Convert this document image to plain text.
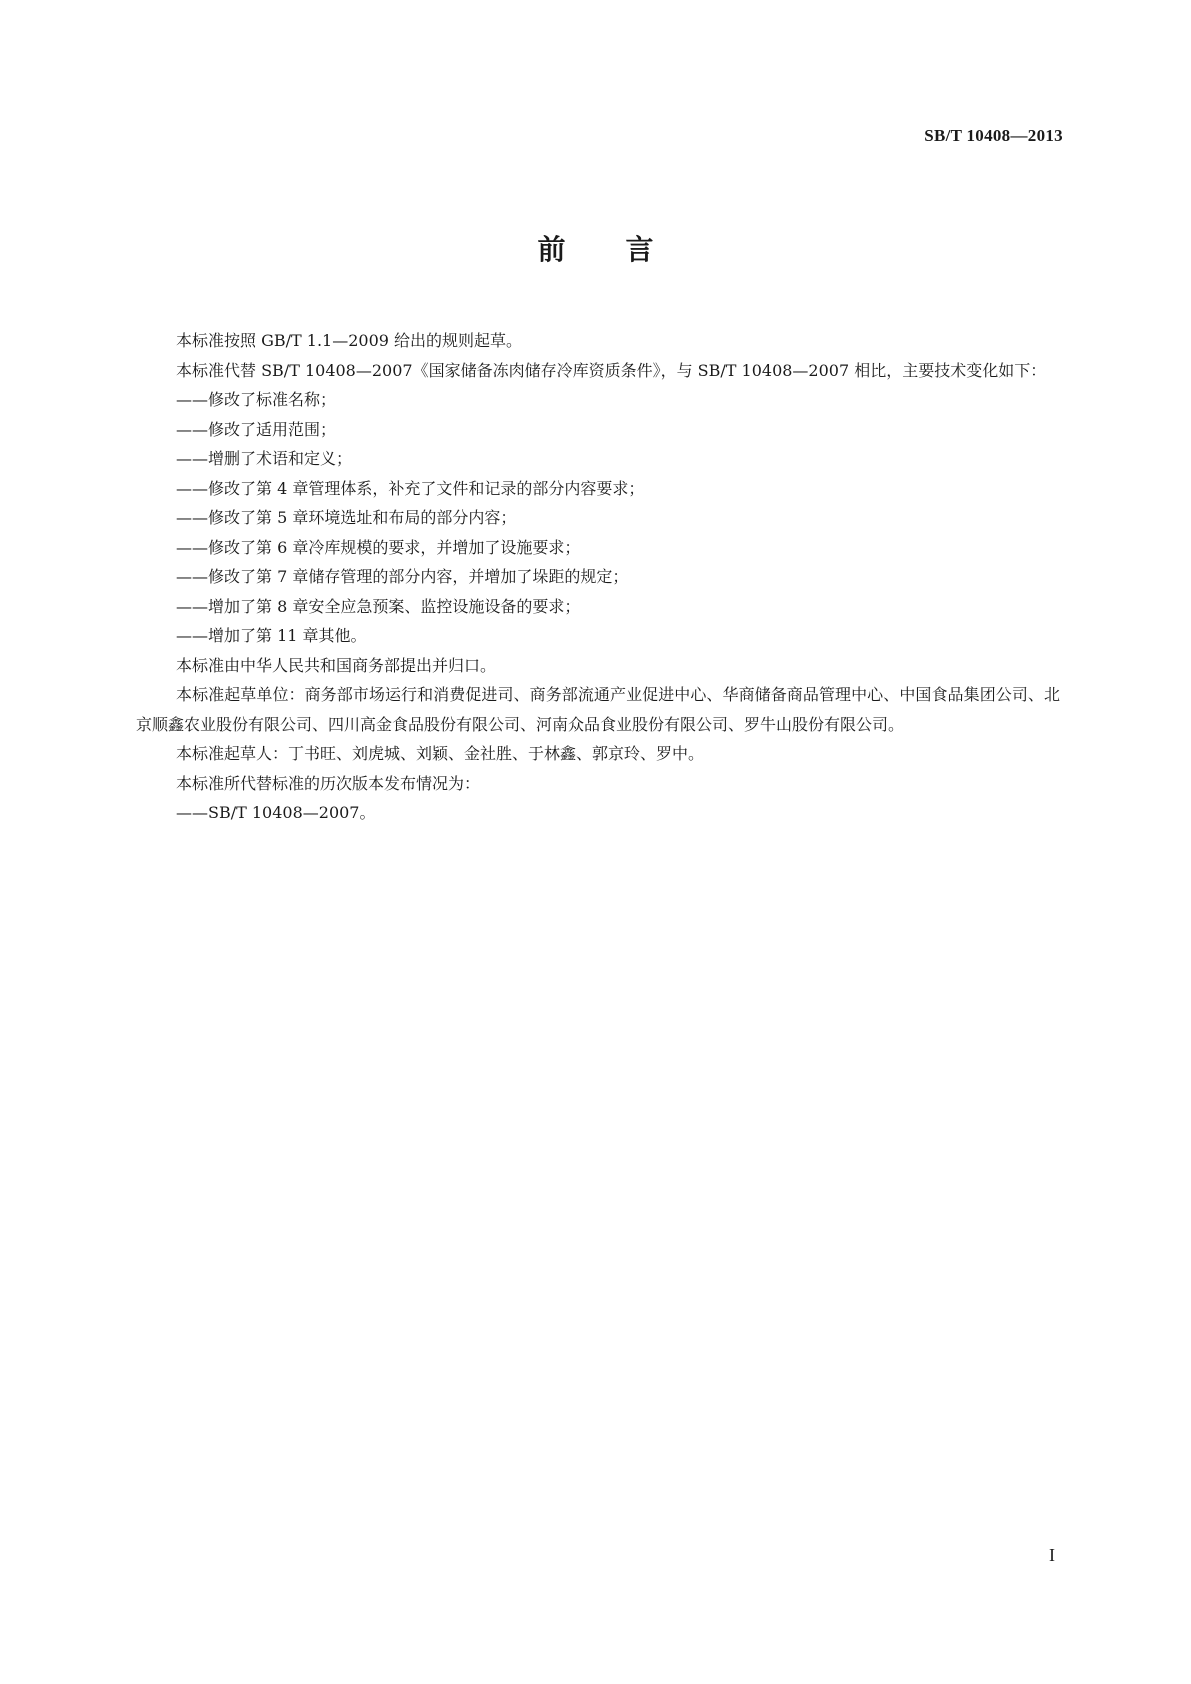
SB/T 10408—2013
前言

本标准按照 GB/T 1.1—2009 给出的规则起草。

本标准代替 SB/T 10408—2007《国家储备冻肉储存冷库资质条件》，与 SB/T 10408—2007 相比，主要技术变化如下：

——修改了标准名称；

——修改了适用范围；

——增删了术语和定义；

——修改了第 4 章管理体系，补充了文件和记录的部分内容要求；

——修改了第 5 章环境选址和布局的部分内容；

——修改了第 6 章冷库规模的要求，并增加了设施要求；

——修改了第 7 章储存管理的部分内容，并增加了垛距的规定；

——增加了第 8 章安全应急预案、监控设施设备的要求；

——增加了第 11 章其他。

本标准由中华人民共和国商务部提出并归口。

本标准起草单位：商务部市场运行和消费促进司、商务部流通产业促进中心、华商储备商品管理中心、中国食品集团公司、北京顺鑫农业股份有限公司、四川高金食品股份有限公司、河南众品食业股份有限公司、罗牛山股份有限公司。

本标准起草人：丁书旺、刘虎城、刘颖、金社胜、于林鑫、郭京玲、罗中。

本标准所代替标准的历次版本发布情况为：

——SB/T 10408—2007。

I
